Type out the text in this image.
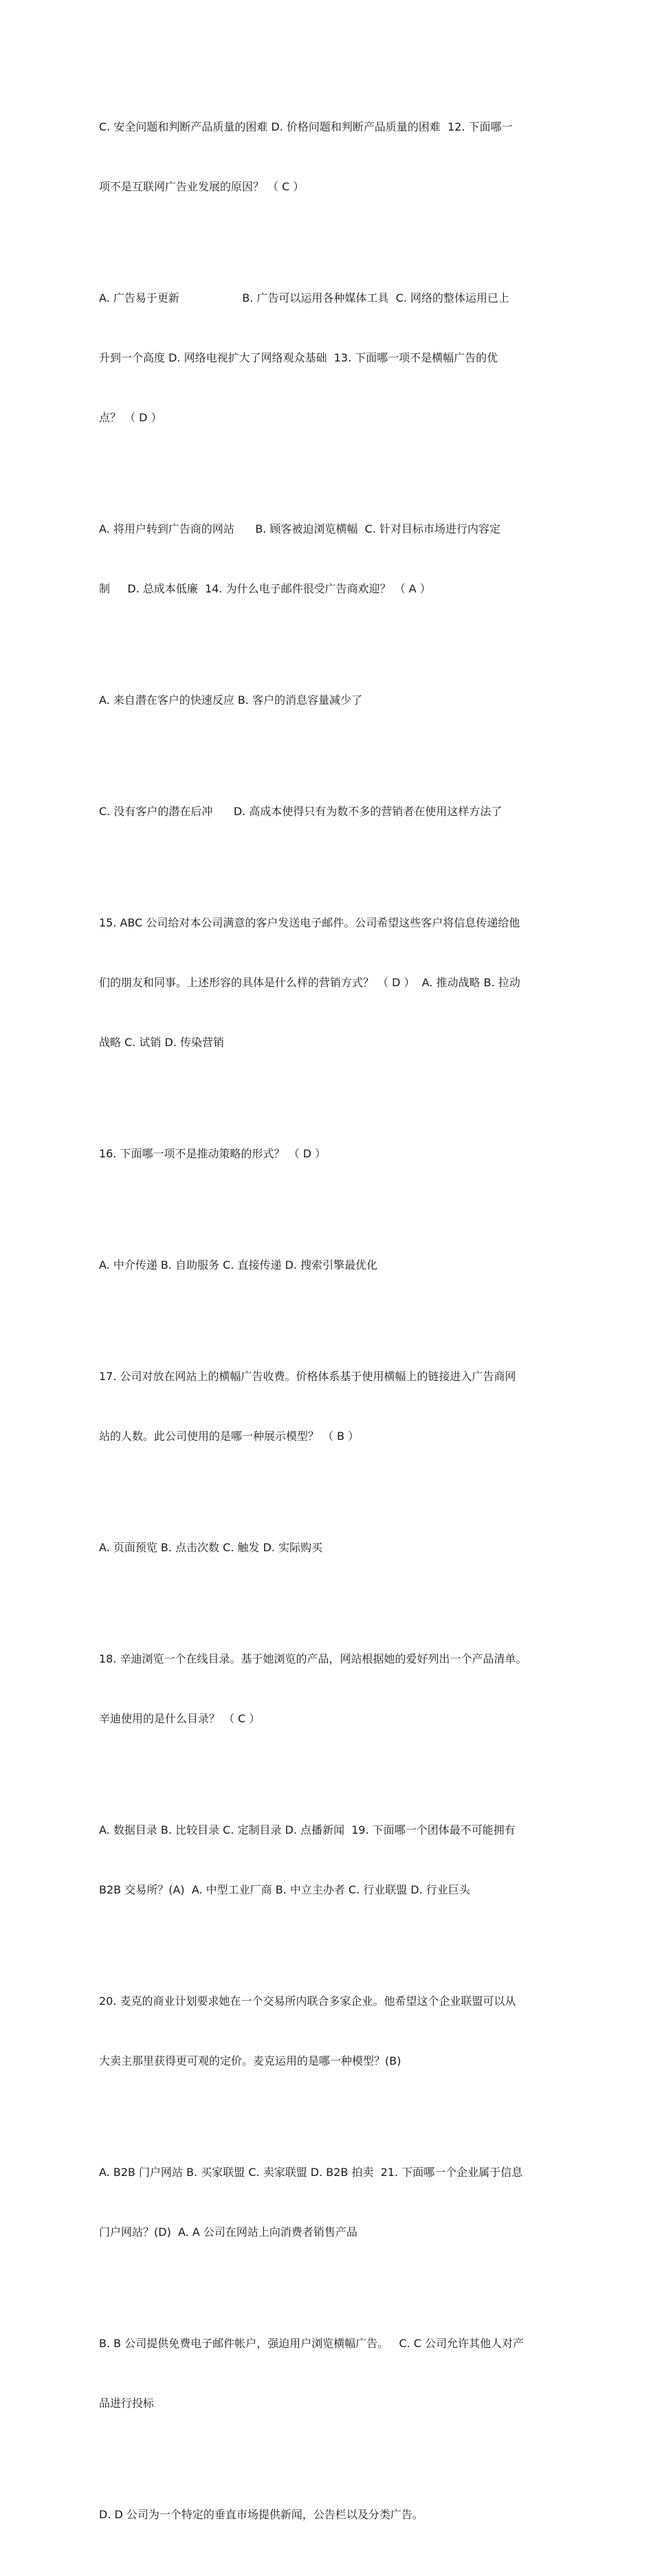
C. 安全问题和判断产品质量的困难 D. 价格问题和判断产品质量的困难  12. 下面哪一

项不是互联网广告业发展的原因？ （ C ）

A. 广告易于更新                  B. 广告可以运用各种媒体工具  C. 网络的整体运用已上

升到一个高度 D. 网络电视扩大了网络观众基础  13. 下面哪一项不是横幅广告的优

点？ （ D ）

A. 将用户转到广告商的网站      B. 顾客被迫浏览横幅  C. 针对目标市场进行内容定

制     D. 总成本低廉  14. 为什么电子邮件很受广告商欢迎？ （ A ）

A. 来自潜在客户的快速反应 B. 客户的消息容量减少了

C. 没有客户的潜在后冲      D. 高成本使得只有为数不多的营销者在使用这样方法了

15. ABC 公司给对本公司满意的客户发送电子邮件。公司希望这些客户将信息传递给他

们的朋友和同事。上述形容的具体是什么样的营销方式？ （ D ）  A. 推动战略 B. 拉动

战略 C. 试销 D. 传染营销

16. 下面哪一项不是推动策略的形式？ （ D ）

A. 中介传递 B. 自助服务 C. 直接传递 D. 搜索引擎最优化

17. 公司对放在网站上的横幅广告收费。价格体系基于使用横幅上的链接进入广告商网

站的人数。此公司使用的是哪一种展示模型？ （ B ）

A. 页面预览 B. 点击次数 C. 触发 D. 实际购买

18. 辛迪浏览一个在线目录。基于她浏览的产品，网站根据她的爱好列出一个产品清单。

辛迪使用的是什么目录？ （ C ）

A. 数据目录 B. 比较目录 C. 定制目录 D. 点播新闻  19. 下面哪一个团体最不可能拥有

B2B 交易所？(A)  A. 中型工业厂商 B. 中立主办者 C. 行业联盟 D. 行业巨头

20. 麦克的商业计划要求她在一个交易所内联合多家企业。他希望这个企业联盟可以从

大卖主那里获得更可观的定价。麦克运用的是哪一种模型？(B)

A. B2B 门户网站 B. 买家联盟 C. 卖家联盟 D. B2B 拍卖  21. 下面哪一个企业属于信息

门户网站？(D)  A. A 公司在网站上向消费者销售产品

B. B 公司提供免费电子邮件帐户，强迫用户浏览横幅广告。   C. C 公司允许其他人对产

品进行投标

D. D 公司为一个特定的垂直市场提供新闻，公告栏以及分类广告。
